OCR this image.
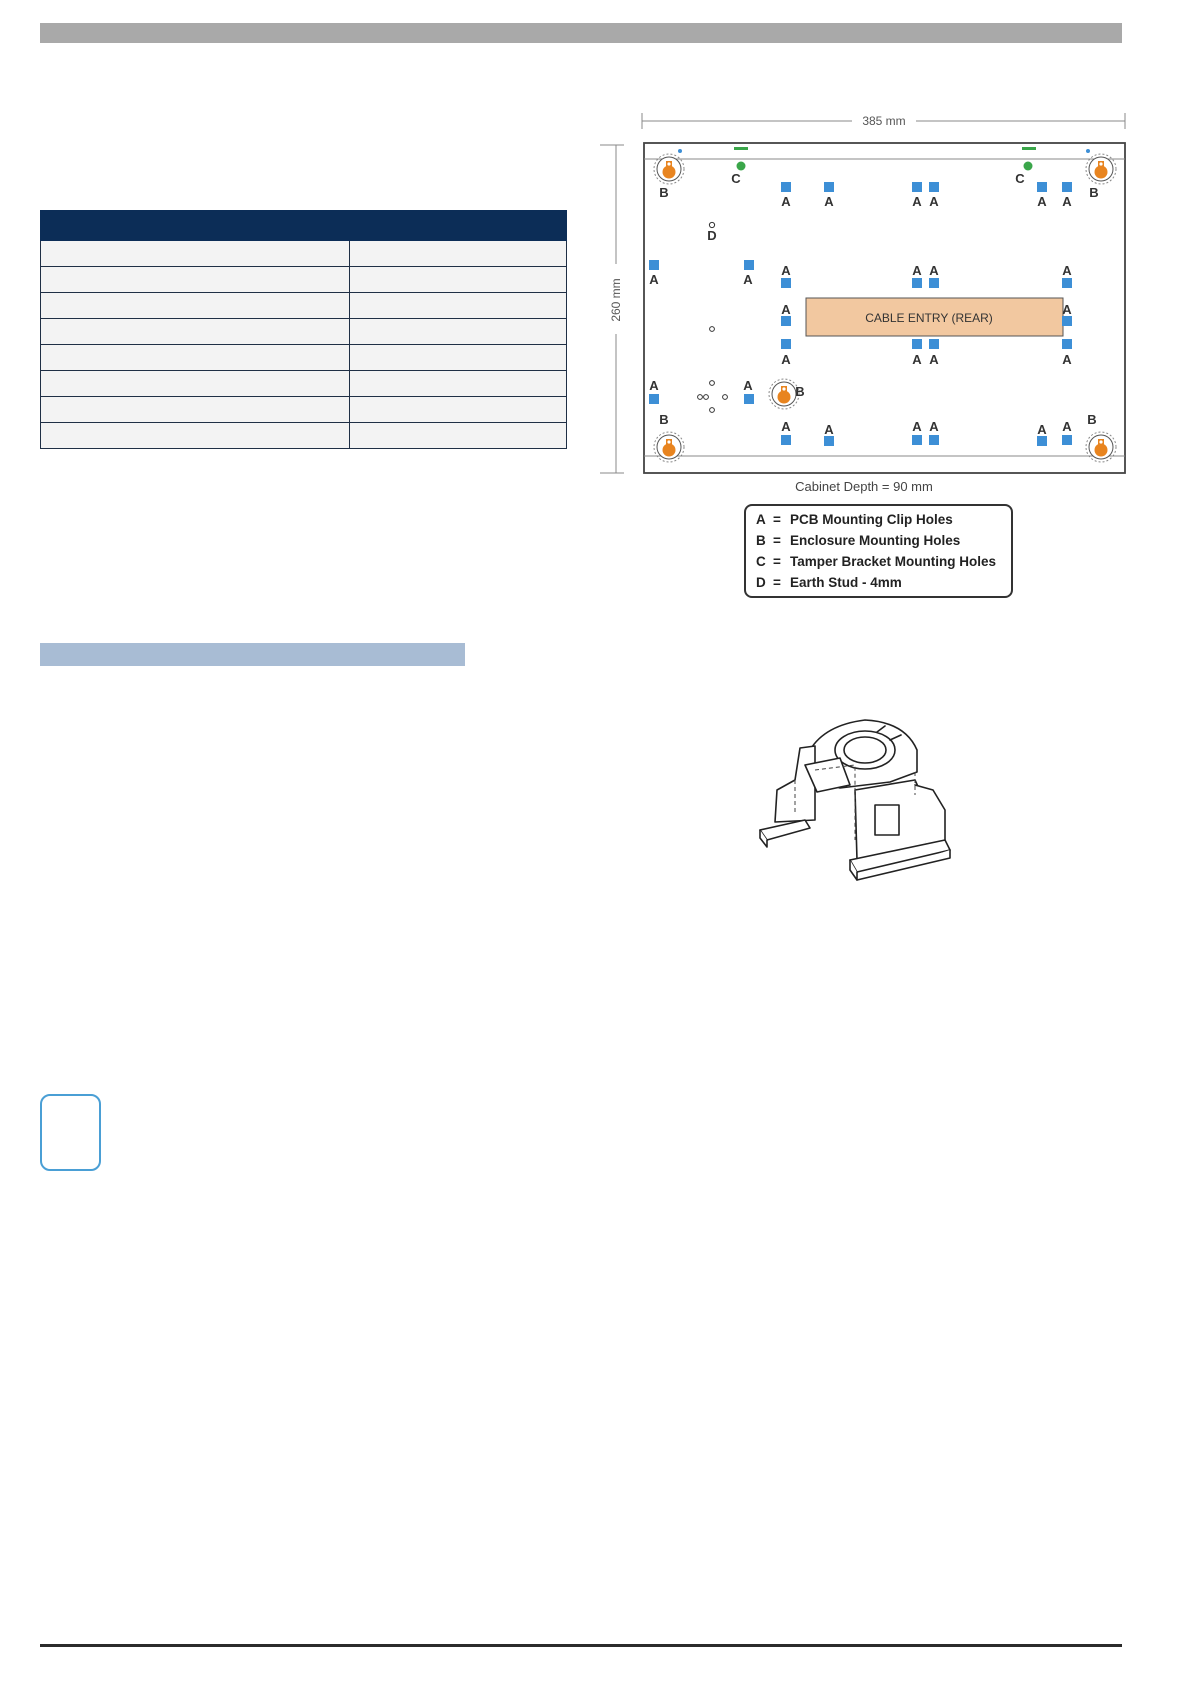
385 mm
260 mm	CABLE ENTRY (REAR)
A	A	A A	A A
A	A
A	A A	A
A	A
A	A A	A
A	A
A	A	A A	A A
B	B
B
B	B
C	C
D
Cabinet Depth = 90 mm
A = PCB Mounting Clip Holes
B = Enclosure Mounting Holes
C = Tamper Bracket Mounting Holes
D = Earth Stud - 4mm
